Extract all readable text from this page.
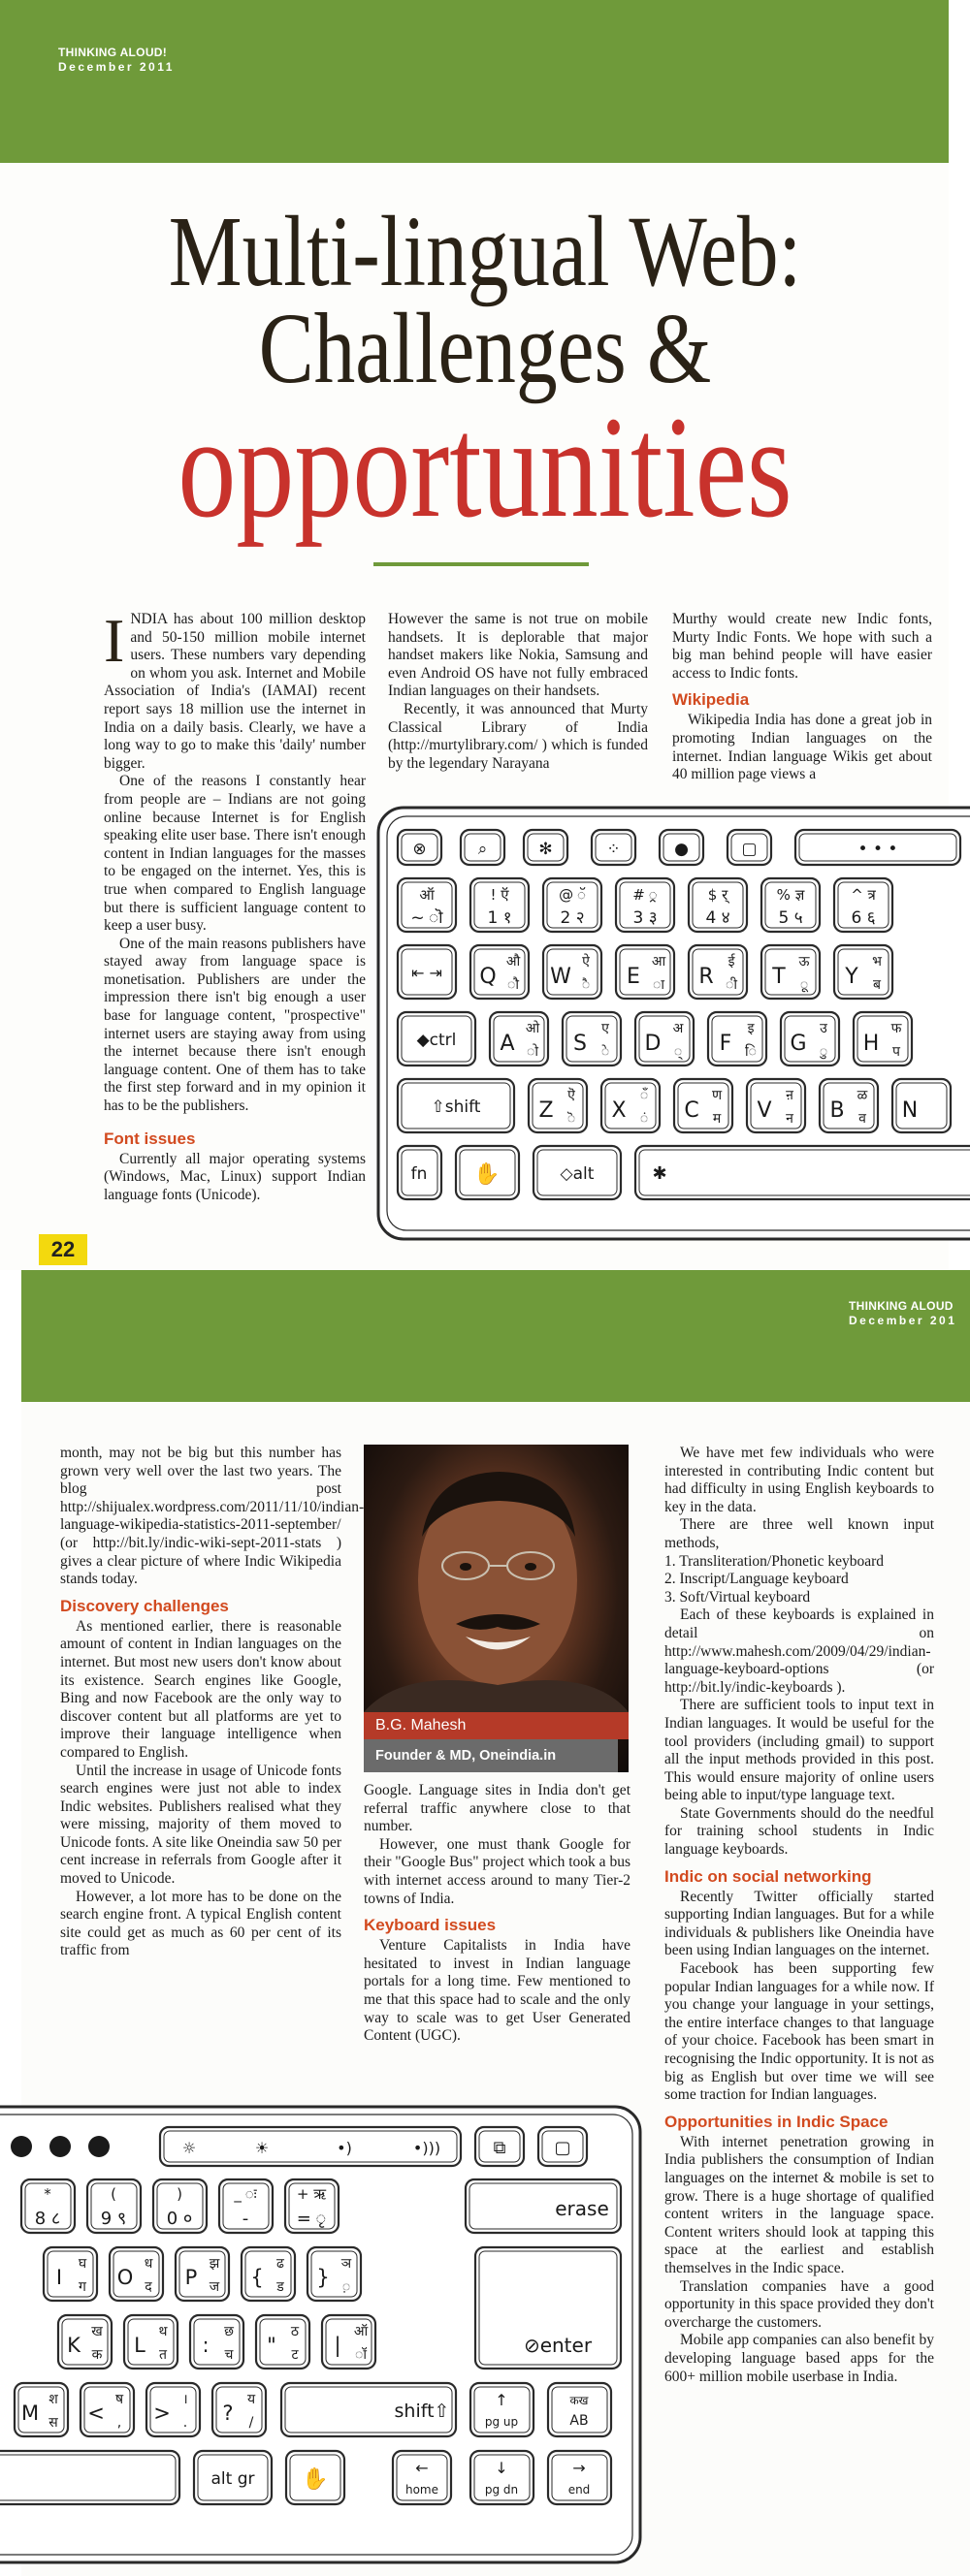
THINKING ALOUD!
December 2011
Multi-lingual Web:
Challenges &
opportunities

INDIA has about 100 million desktop and 50-150 million mobile internet users. These numbers vary depending on whom you ask. Internet and Mobile Association of India's (IAMAI) recent report says 18 million use the internet in India on a daily basis. Clearly, we have a long way to go to make this 'daily' number bigger.

One of the reasons I constantly hear from people are – Indians are not going online because Internet is for English speaking elite user base. There isn't enough content in Indian languages for the masses to be engaged on the internet. Yes, this is true when compared to English language but there is sufficient language content to keep a user busy.

One of the main reasons publishers have stayed away from language space is monetisation. Publishers are under the impression there isn't big enough a user base for language content, "prospective" internet users are staying away from using the internet because there isn't enough language content. One of them has to take the first step forward and in my opinion it has to be the publishers.

Font issues

Currently all major operating systems (Windows, Mac, Linux) support Indian language fonts (Unicode).

However the same is not true on mobile handsets. It is deplorable that major handset makers like Nokia, Samsung and even Android OS have not fully embraced Indian languages on their handsets.

Recently, it was announced that Murty Classical Library of India (http://murtylibrary.com/ ) which is funded by the legendary Narayana

Murthy would create new Indic fonts, Murty Indic Fonts. We hope with such a big man behind people will have easier access to Indic fonts.

Wikipedia

Wikipedia India has done a great job in promoting Indian languages on the internet. Indian language Wikis get about 40 million page views a

⊗	⌕	✻	⁘	●	▢	• • •
ऑ
~ ॊ
! ऍ
1 १
@ ॅ
2 २
# ्र
3 ३
$ र्
4 ४
% ज्ञ
5 ५
^ त्र
6 ६
⇤ ⇥ Q
औ
ौ W
ऐ
ै E
आ
ा R
ई
ी T
ऊ
ू Y
भ
ब
◆ctrl A
ओ
ो S
ए
े D
अ
् F
इ
ि G
उ
ु H
फ
प
⇧shift	Z
ऎ
ॆ X
ँ
ं C
ण
म V
ऩ
न B
ळ
व N
fn ✋	◇alt	✱
22
THINKING ALOUD
December 201

month, may not be big but this number has grown very well over the last two years. The blog post http://shijualex.wordpress.com/2011/11/10/indian-language-wikipedia-statistics-2011-september/ (or http://bit.ly/indic-wiki-sept-2011-stats ) gives a clear picture of where Indic Wikipedia stands today.

Discovery challenges

As mentioned earlier, there is reasonable amount of content in Indian languages on the internet. But most new users don't know about its existence. Search engines like Google, Bing and now Facebook are the only way to discover content but all platforms are yet to improve their language intelligence when compared to English.

Until the increase in usage of Unicode fonts search engines were just not able to index Indic websites. Publishers realised what they were missing, majority of them moved to Unicode fonts. A site like Oneindia saw 50 per cent increase in referrals from Google after it moved to Unicode.

However, a lot more has to be done on the search engine front. A typical English content site could get as much as 60 per cent of its traffic from

B.G. Mahesh
Founder & MD, Oneindia.in

Google. Language sites in India don't get referral traffic anywhere close to that number.

However, one must thank Google for their "Google Bus" project which took a bus with internet access around to many Tier-2 towns of India.

Keyboard issues

Venture Capitalists in India have hesitated to invest in Indian language portals for a long time. Few mentioned to me that this space had to scale and the only way to scale was to get User Generated Content (UGC).

We have met few individuals who were interested in contributing Indic content but had difficulty in using English keyboards to key in the data.

There are three well known input methods,

1. Transliteration/Phonetic keyboard
2. Inscript/Language keyboard
3. Soft/Virtual keyboard

Each of these keyboards is explained in detail on http://www.mahesh.com/2009/04/29/indian-language-keyboard-options (or http://bit.ly/indic-keyboards ).

There are sufficient tools to input text in Indian languages. It would be useful for the tool providers (including gmail) to support all the input methods provided in this post. This would ensure majority of online users being able to input/type language text.

State Governments should do the needful for training school students in Indic language keyboards.

Indic on social networking

Recently Twitter officially started supporting Indian languages. But for a while individuals & publishers like Oneindia have been using Indian languages on the internet.

Facebook has been supporting few popular Indian languages for a while now. If you change your language in your settings, the entire interface changes to that language of your choice. Facebook has been smart in recognising the Indic opportunity. It is not as big as English but over time we will see some traction for Indian languages.

Opportunities in Indic Space

With internet penetration growing in India publishers the consumption of Indian languages on the internet & mobile is set to grow. There is a huge shortage of qualified content writers in the language space. Content writers should look at tapping this space at the earliest and establish themselves in the Indic space.

Translation companies have a good opportunity in this space provided they don't overcharge the customers.

Mobile app companies can also benefit by developing language based apps for the 600+ million mobile userbase in India.

☼	☀	•)	•)))	⧉	▢
*
8 ८
(
9 ९
)
0 ०
_ ः
-
+ ऋ
= ृ	erase
I
घ
ग O
ध
द P
झ
ज {
ढ
ड }
ञ
़
⊘enter
K
ख
क L
थ
त :
छ
च "
ठ
ट |
ऑ
ॉ
M
श
स <
ष
, >
।
. ?
य
/
shift⇧
↑
pg up
कख
AB
alt gr ✋	←
home
↓
pg dn
→
end
